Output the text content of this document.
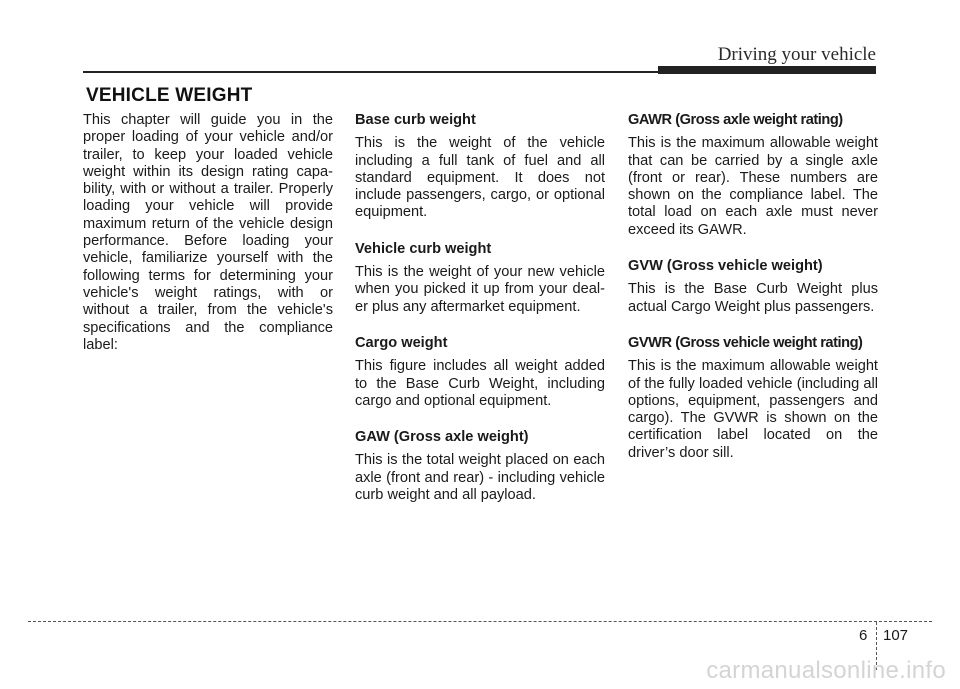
Driving your vehicle
VEHICLE WEIGHT

This chapter will guide you in the proper loading of your vehicle and/or trailer, to keep your loaded vehicle weight within its design rating capability, with or without a trailer. Properly loading your vehicle will provide maximum return of the vehicle design performance. Before loading your vehicle, familiarize yourself with the following terms for determining your vehicle's weight ratings, with or without a trailer, from the vehicle's specifications and the compliance label:

Base curb weight

This is the weight of the vehicle including a full tank of fuel and all standard equipment. It does not include passengers, cargo, or optional equipment.

Vehicle curb weight

This is the weight of your new vehicle when you picked it up from your dealer plus any aftermarket equipment.

Cargo weight

This figure includes all weight added to the Base Curb Weight, including cargo and optional equipment.

GAW (Gross axle weight)

This is the total weight placed on each axle (front and rear) - including vehicle curb weight and all payload.

GAWR (Gross axle weight rating)

This is the maximum allowable weight that can be carried by a single axle (front or rear). These numbers are shown on the compliance label. The total load on each axle must never exceed its GAWR.

GVW (Gross vehicle weight)

This is the Base Curb Weight plus actual Cargo Weight plus passengers.

GVWR (Gross vehicle weight rating)

This is the maximum allowable weight of the fully loaded vehicle (including all options, equipment, passengers and cargo). The GVWR is shown on the certification label located on the driver’s door sill.

6 107
carmanualsonline.info
